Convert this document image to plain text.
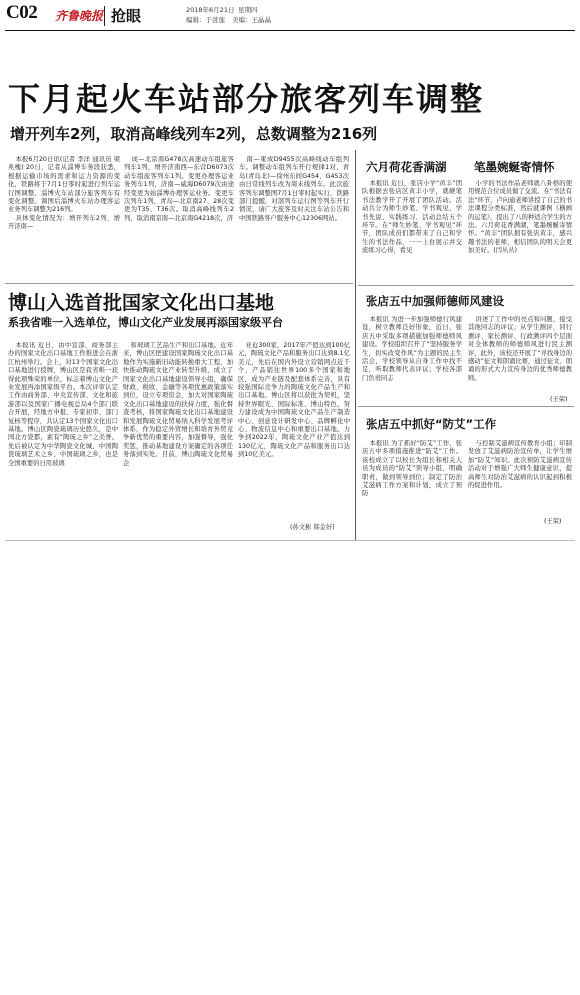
C02 齐鲁晚报 抢眼	2018年6月21日 星期四
编辑：于萱莲 美编：王晶晶
下月起火车站部分旅客列车调整
增开列车2列，取消高峰线列车2列，总数调整为216列

本报6月20日讯(记者 李洋 通讯员 梁兆槐) 20日，记者从淄博车务段获悉，根据运输市场的需求和运力资源的变化，铁路将于7月1日零时起进行列车运行图调整，淄博火车站部分旅客列车有变化调整。调图后淄博火车站办理客运业务列车调整为216列。

具体变化情况为：增开列车2列，增开济南—

成—北京南G478次高速动车组旅客列车1列，增开济南西—东营D6073次动车组旅客列车1列。变更办理客运业务列车1列，济南—威海D6079次由途经变更为始淄博办理客运业务。变更车次列车1列，青岛—北京南27、28次变更为T35、T36次。取消高峰线列车2列，取消南京南—北京南G4218次，济

南—東成D9455次高峰线动车组列车。调整动车组列车开行规律1对，青岛(青岛北)—徐州东间G454、G453次由日常线列车改为周末线列车。此次旅客列车调整图7月1日零时起实行，铁路部门提醒，对部列车运行图等列车开行情况，请广大旅客及时关注车站公告和中国铁路客户服务中心12306网站。

六月荷花香满湖 笔墨婉蜒寄情怀

本报讯 近日，张店小学“黄丰”团队根据去张店区黄丰小学，就硬笔书法教学开了开展了团队活动。活动共分为师生妙笔、学书观见、学书先说、实践练习、活动总结五个环节。在“师生妙笔、学书观见”环节，团队成员们都带来了自己和学生的书法作品，一一上台展示并交流练习心得，看见

小学的书法作品老师就八卦格的使用规范合位成员做了交流。在“书法有法”环节，卢向通老师讲授了自己的书法课程分类标准，然后就课例《横画的运笔》，提出了八的种适合学生的方法。六月荷花香满湖，笔墨婉蜒寄情怀。“黄丰”团队拥有张店黄丰，感兴趣书法的老师，相信团队的明天会更加美好。(闫丛丛)

博山入选首批国家文化出口基地
系我省唯一入选单位，博山文化产业发展再添国家级平台

本报讯 近日，由中宣部、商务部主办的国家文化出口基地工作推进会在浙江杭州举行。会上，对13个国家文化出口基地进行授牌，博山区是我省唯一获得此项殊荣的单位，标志着博山文化产业发展再添国家级平台。本次评审认定工作由商务部、中央宣传部、文化和旅游部以及国家广播电视总局4个部门联合开展，经地方申报、专家初审、部门复核等程序，共认定13个国家文化出口基地。博山区陶瓷琉璃历史悠久，是中国北方瓷都，素有“陶琉之乡”之美誉。先后被认定为中华陶瓷文化城、中国陶瓷琉璃艺术之乡、中国琉璃之乡，也是全国重要的日用玻璃

和玻璃工艺品生产和出口基地。近年来，博山区把建设国家陶琉文化出口基地作为实施新旧动能转换重大工程，加快推动陶琉文化产业转型升级，成立了国家文化出口基地建设领导小组，确保财政、税收、金融等各项优惠政策落实到位，设立专项资金，加大对国家陶琉文化出口基地建设的扶持力度，强化督查考核，将国家陶琉文化出口基地建设和发展陶琉文化贸易纳入科学发展考评体系，作为稳定外贸增长和培育外贸竞争新优势的重要内容，加强督导，强化奖惩，推动基地建设方案确定的各项任务落到实处。目前，博山陶琉文化贸易企

业近300家，2017年产值达到100亿元，陶琉文化产品和服务出口达到8.1亿美元，先后在国内外设立营销网点近千个，产品销往世界100多个国家和地区，成为产业链及配套体系完善，具有较强国际竞争力的陶琉文化产品生产和出口基地。博山区将以获批为契机，坚持世界眼光、国际标准、博山特色，努力建设成为中国陶琉文化产品生产制造中心、创意设计研发中心、品牌孵化中心、物流信息中心和重要出口基地。力争到2022年，陶琉文化产业产值达到130亿元，陶琉文化产品和服务出口达到10亿美元。

(孙文彬 韩金好)
张店五中加强师德师风建设

本报讯 为进一步加强师德行风建设，树立教师良好形象，近日，张店五中采取多项措施加强师德师风建设。学校组织召开了“坚持服务学生，切实改变作风”为主题的民主生活会，学校领导从自身工作中找不足，听取教师代表评议；学校各部门负责同志

讲述了工作中的亮点和问题，接受其他同志的评议；从学生测评、同行测评、家长测评、行政测评四个层面对全体教师的师德师风进行民主测评，此外，该校还开展了“寻找身边的感动”征文和朗诵比赛，通过征文、朗诵的形式大力宣传身边的优秀师德教师。

(王荣)
张店五中抓好“防艾”工作

本报讯 为了抓好“防艾”工作，张店五中多项措施推进“防艾”工作。该校成立了以校长为组长和相关人员为成员的“防艾”领导小组，明确职责，做到领导到位；制定了防治艾滋病工作方案和计划，成立了预防

与控制艾滋病宣传教育小组；印制发放了艾滋病防治宣传单，让学生增加“防艾”知识。此次预防艾滋病宣传活动对于增强广大师生健康意识，提高师生对防治艾滋病的认识起到积极的促进作用。

(王荣)
